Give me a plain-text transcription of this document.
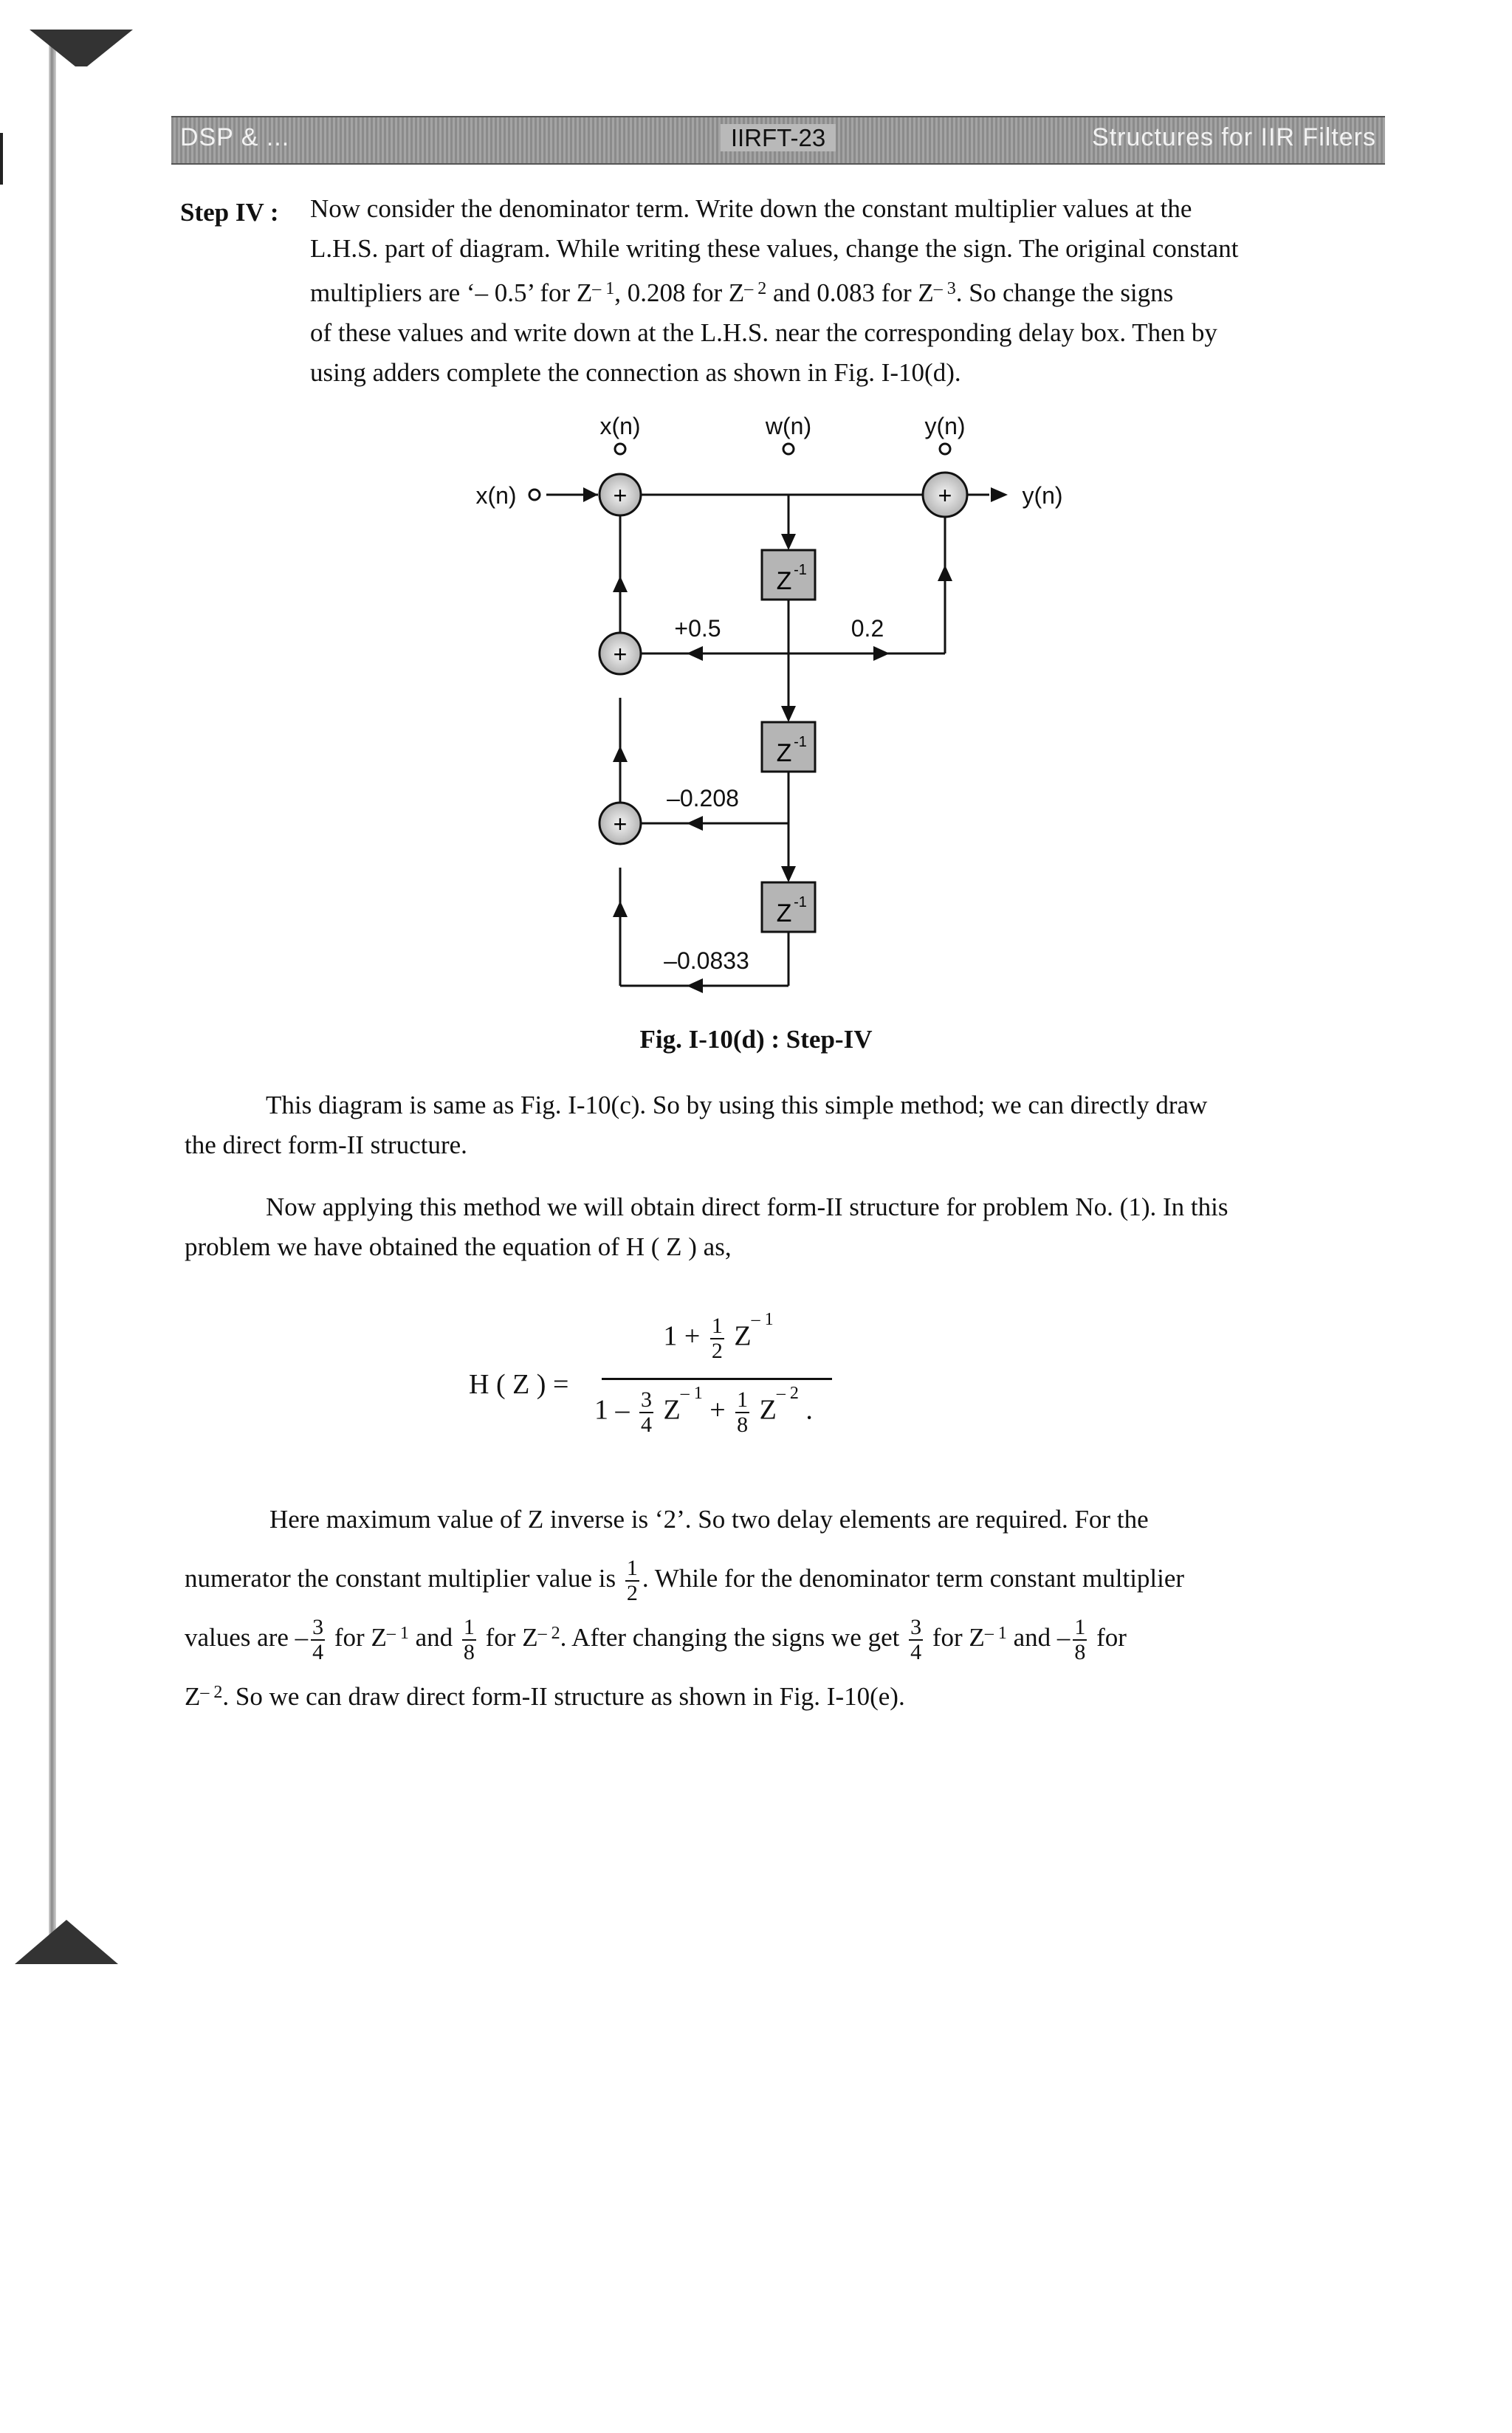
DSP & ...	IIRFT-23	Structures for IIR Filters
Step IV : Now consider the denominator term. Write down the constant multiplier values at the
L.H.S. part of diagram. While writing these values, change the sign. The original constant
multipliers are ‘– 0.5’ for $Z^{- 1}$, 0.208 for $Z^{- 2}$ and 0.083 for $Z^{- 3}$. So change the signs
of these values and write down at the L.H.S. near the corresponding delay box. Then by
using adders complete the connection as shown in Fig. I-10(d).
+
+
+
+
Z -1
Z -1
Z -1
x(n)	w(n)	y(n)
x(n)	y(n)
+0.5	0.2
–0.208
–0.0833
Fig. I-10(d) : Step-IV
This diagram is same as Fig. I-10(c). So by using this simple method; we can directly draw
the direct form-II structure.
Now applying this method we will obtain direct form-II structure for problem No. (1). In this
problem we have obtained the equation of H ( Z ) as,
H ( Z ) =
$1 + \frac{1}{2} Z^{- 1}$
$1 - \frac{3}{4} Z^{- 1} + \frac{1}{8} Z^{- 2}$ .
Here maximum value of Z inverse is ‘2’. So two delay elements are required. For the
numerator the constant multiplier value is $\frac{1}{2}$ . While for the denominator term constant multiplier
values are – $\frac{3}{4}$ for $Z^{- 1}$ and $\frac{1}{8}$ for $Z^{- 2}$. After changing the signs we get $\frac{3}{4}$ for $Z^{- 1}$ and – $\frac{1}{8}$ for
$Z^{- 2}$. So we can draw direct form-II structure as shown in Fig. I-10(e).
